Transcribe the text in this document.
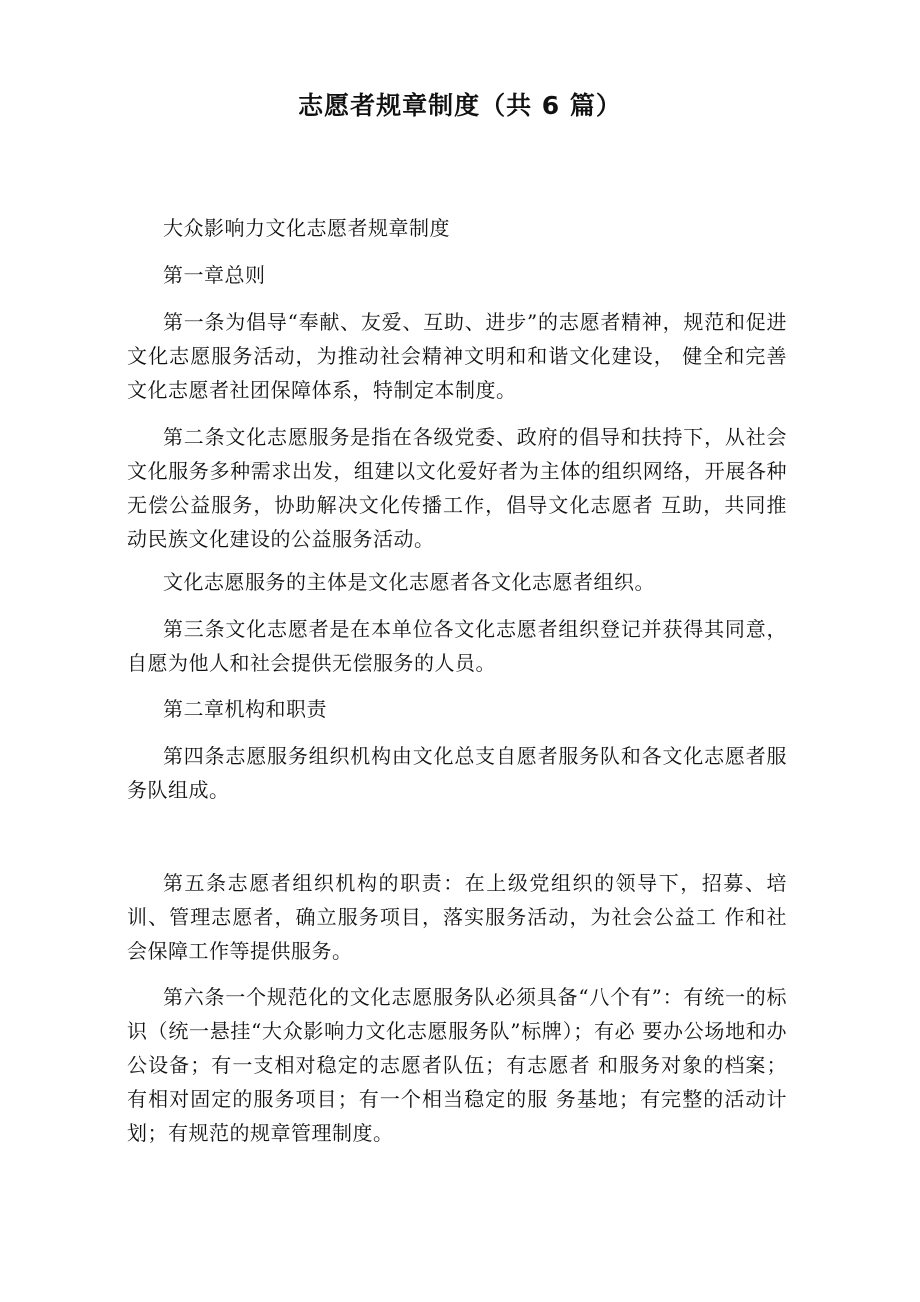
志愿者规章制度（共 6 篇）

大众影响力文化志愿者规章制度

第一章总则

第一条为倡导“奉献、友爱、互助、进步”的志愿者精神，规范和促进文化志愿服务活动，为推动社会精神文明和和谐文化建设， 健全和完善文化志愿者社团保障体系，特制定本制度。

第二条文化志愿服务是指在各级党委、政府的倡导和扶持下，从社会文化服务多种需求出发，组建以文化爱好者为主体的组织网络，开展各种无偿公益服务，协助解决文化传播工作，倡导文化志愿者 互助，共同推动民族文化建设的公益服务活动。

文化志愿服务的主体是文化志愿者各文化志愿者组织。

第三条文化志愿者是在本单位各文化志愿者组织登记并获得其同意，自愿为他人和社会提供无偿服务的人员。

第二章机构和职责

第四条志愿服务组织机构由文化总支自愿者服务队和各文化志愿者服务队组成。

第五条志愿者组织机构的职责：在上级党组织的领导下，招募、培训、管理志愿者，确立服务项目，落实服务活动，为社会公益工 作和社会保障工作等提供服务。

第六条一个规范化的文化志愿服务队必须具备“八个有”：有统一的标识（统一悬挂“大众影响力文化志愿服务队”标牌）；有必 要办公场地和办公设备；有一支相对稳定的志愿者队伍；有志愿者 和服务对象的档案；有相对固定的服务项目；有一个相当稳定的服 务基地；有完整的活动计划；有规范的规章管理制度。
